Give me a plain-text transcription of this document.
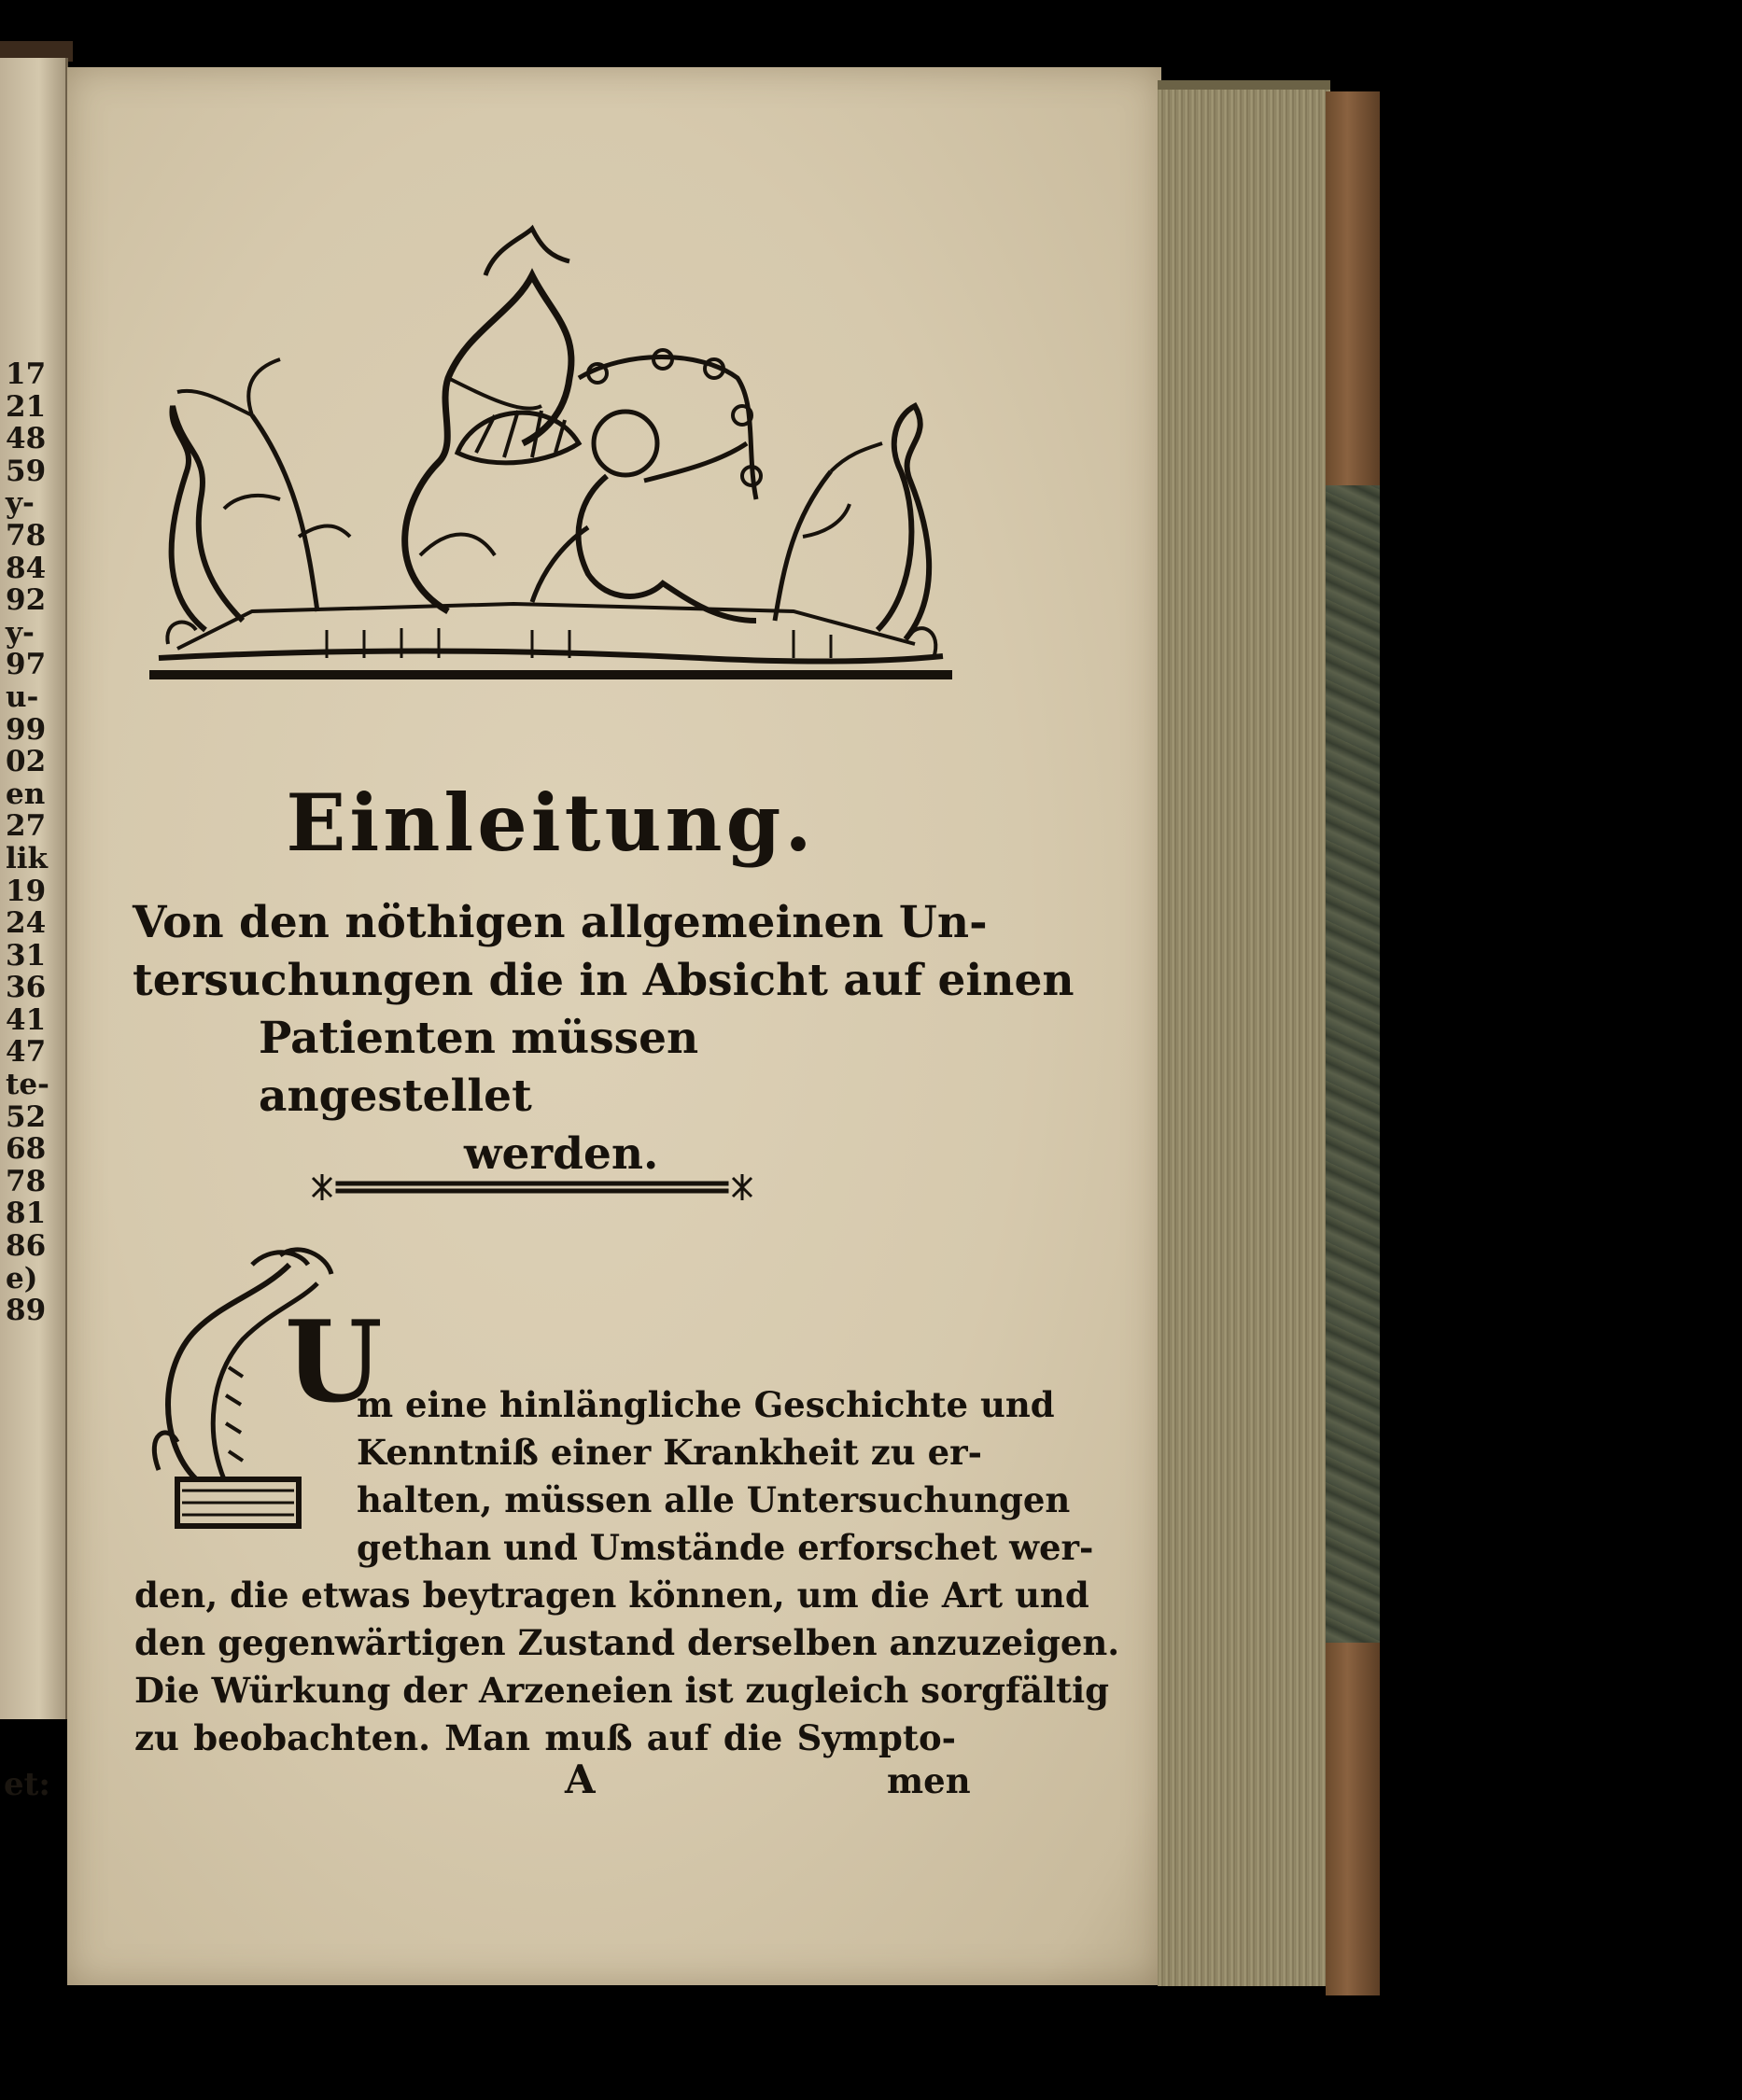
17
21
48
59
y-
78
84
92
y-
97
u-
99
02
en
27
lik
19
24
31
36
41
47
te-
52
68
78
81
86
e)
89
et:
Einleitung.
Von den nöthigen allgemeinen Un-
tersuchungen die in Absicht auf einen
Patienten müssen angestellet
werden.
U
m eine hinlängliche Geschichte und
Kenntniß einer Krankheit zu er-
halten, müssen alle Untersuchungen
gethan und Umstände erforschet wer-
den, die etwas beytragen können, um die Art und
den gegenwärtigen Zustand derselben anzuzeigen.
Die Würkung der Arzeneien ist zugleich sorgfältig
zu beobachten. Man muß auf die Sympto-
A	men
